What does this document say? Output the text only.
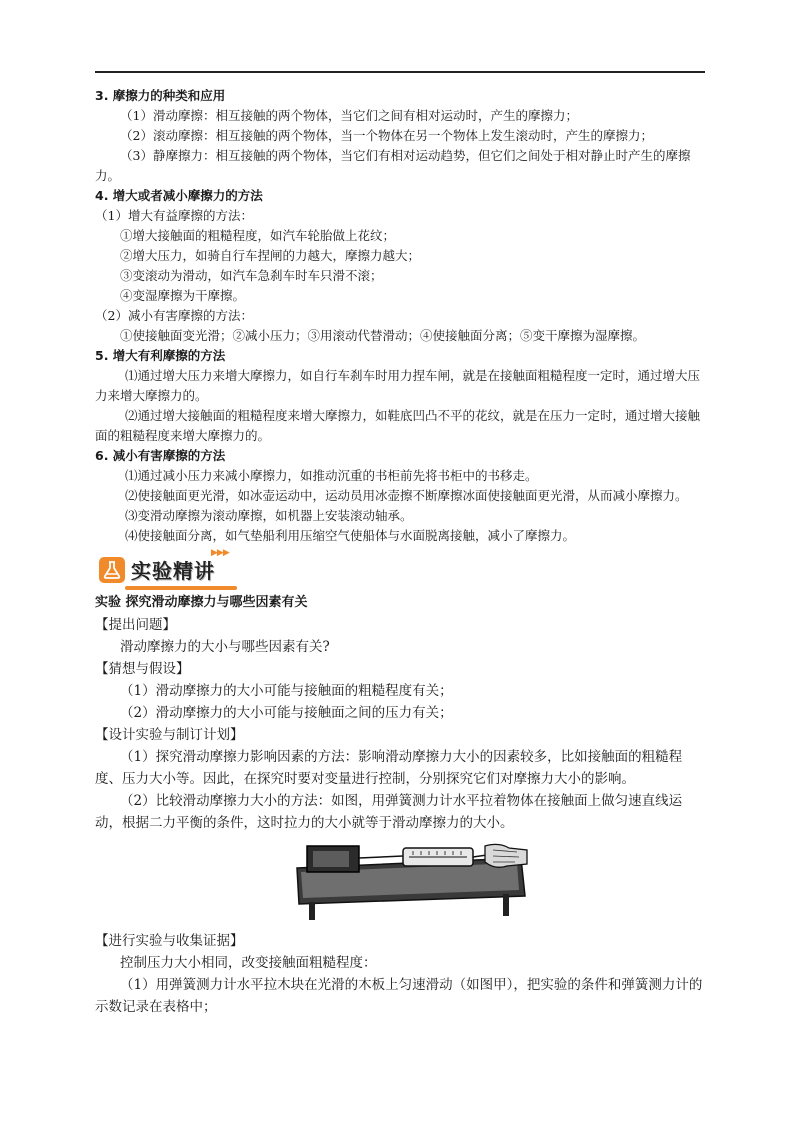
3. 摩擦力的种类和应用

（1）滑动摩擦：相互接触的两个物体，当它们之间有相对运动时，产生的摩擦力；

（2）滚动摩擦：相互接触的两个物体，当一个物体在另一个物体上发生滚动时，产生的摩擦力；

（3）静摩擦力：相互接触的两个物体，当它们有相对运动趋势，但它们之间处于相对静止时产生的摩擦力。

4. 增大或者减小摩擦力的方法

（1）增大有益摩擦的方法：

①增大接触面的粗糙程度，如汽车轮胎做上花纹；

②增大压力，如骑自行车捏闸的力越大，摩擦力越大；

③变滚动为滑动，如汽车急刹车时车只滑不滚；

④变湿摩擦为干摩擦。

（2）减小有害摩擦的方法：

①使接触面变光滑；②减小压力；③用滚动代替滑动；④使接触面分离；⑤变干摩擦为湿摩擦。

5. 增大有利摩擦的方法

⑴通过增大压力来增大摩擦力，如自行车刹车时用力捏车闸，就是在接触面粗糙程度一定时，通过增大压力来增大摩擦力的。

⑵通过增大接触面的粗糙程度来增大摩擦力，如鞋底凹凸不平的花纹，就是在压力一定时，通过增大接触面的粗糙程度来增大摩擦力的。

6. 减小有害摩擦的方法

⑴通过减小压力来减小摩擦力，如推动沉重的书柜前先将书柜中的书移走。

⑵使接触面更光滑，如冰壶运动中，运动员用冰壶擦不断摩擦冰面使接触面更光滑，从而减小摩擦力。

⑶变滑动摩擦为滚动摩擦，如机器上安装滚动轴承。

⑷使接触面分离，如气垫船利用压缩空气使船体与水面脱离接触，减小了摩擦力。

▶▶▶
实验精讲

实验 探究滑动摩擦力与哪些因素有关

【提出问题】

滑动摩擦力的大小与哪些因素有关?

【猜想与假设】

（1）滑动摩擦力的大小可能与接触面的粗糙程度有关；

（2）滑动摩擦力的大小可能与接触面之间的压力有关；

【设计实验与制订计划】

（1）探究滑动摩擦力影响因素的方法：影响滑动摩擦力大小的因素较多，比如接触面的粗糙程度、压力大小等。因此，在探究时要对变量进行控制，分别探究它们对摩擦力大小的影响。

（2）比较滑动摩擦力大小的方法：如图，用弹簧测力计水平拉着物体在接触面上做匀速直线运动，根据二力平衡的条件，这时拉力的大小就等于滑动摩擦力的大小。

【进行实验与收集证据】

控制压力大小相同，改变接触面粗糙程度：

（1）用弹簧测力计水平拉木块在光滑的木板上匀速滑动（如图甲），把实验的条件和弹簧测力计的示数记录在表格中；
